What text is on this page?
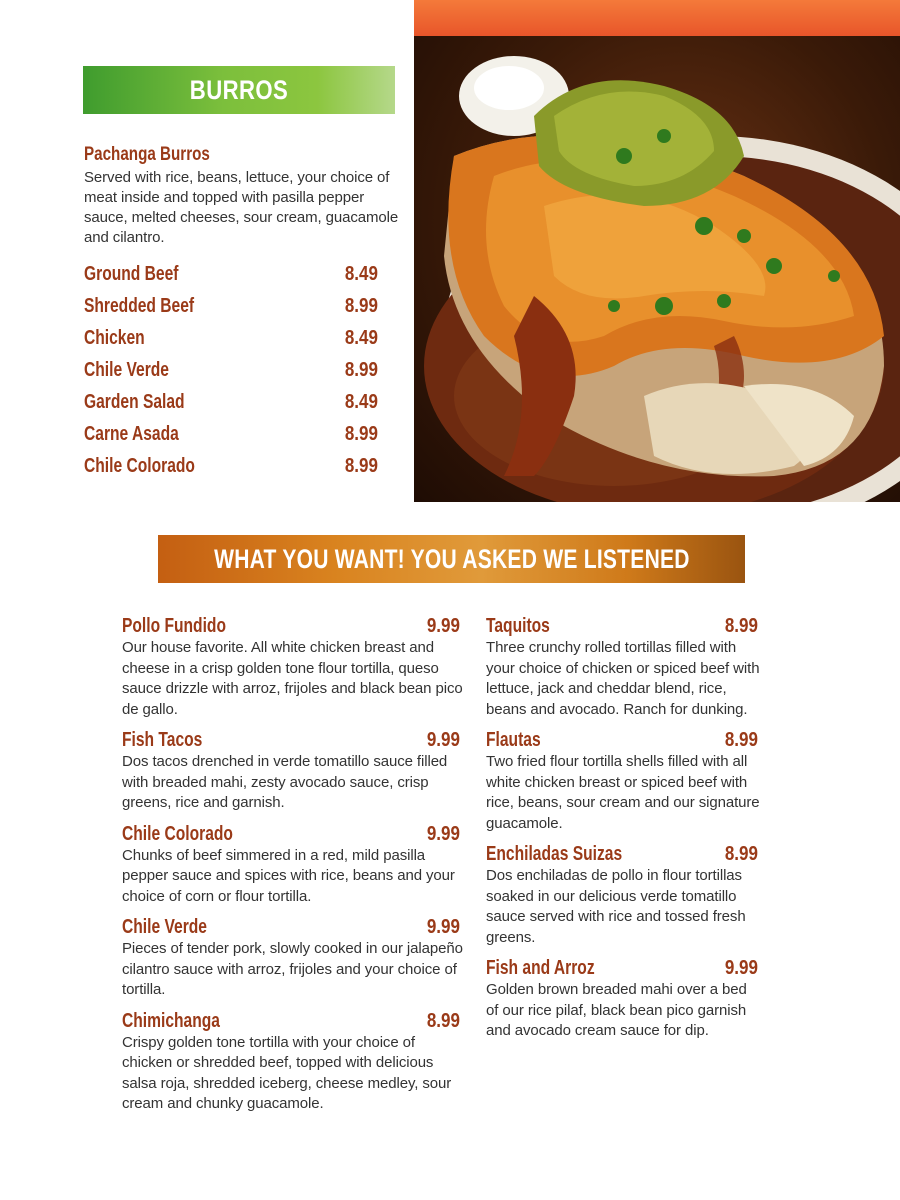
BURROS
Pachanga Burros
Served with rice, beans, lettuce, your choice of meat inside and topped with pasilla pepper sauce, melted cheeses, sour cream, guacamole and cilantro.
Ground Beef	8.49
Shredded Beef	8.99
Chicken	8.49
Chile Verde	8.99
Garden Salad	8.49
Carne Asada	8.99
Chile Colorado	8.99
WHAT YOU WANT! YOU ASKED WE LISTENED
Pollo Fundido	9.99
Our house favorite. All white chicken breast and cheese in a crisp golden tone flour tortilla, queso sauce drizzle with arroz, frijoles and black bean pico de gallo.
Fish Tacos	9.99
Dos tacos drenched in verde tomatillo sauce filled with breaded mahi, zesty avocado sauce, crisp greens, rice and garnish.
Chile Colorado	9.99
Chunks of beef simmered in a red, mild pasilla pepper sauce and spices with rice, beans and your choice of corn or flour tortilla.
Chile Verde	9.99
Pieces of tender pork, slowly cooked in our jalapeño cilantro sauce with arroz, frijoles and your choice of tortilla.
Chimichanga	8.99
Crispy golden tone tortilla with your choice of chicken or shredded beef, topped with delicious salsa roja, shredded iceberg, cheese medley, sour cream and chunky guacamole.
Taquitos	8.99
Three crunchy rolled tortillas filled with your choice of chicken or spiced beef with lettuce, jack and cheddar blend, rice, beans and avocado. Ranch for dunking.
Flautas	8.99
Two fried flour tortilla shells filled with all white chicken breast or spiced beef with rice, beans, sour cream and our signature guacamole.
Enchiladas Suizas	8.99
Dos enchiladas de pollo in flour tortillas soaked in our delicious verde tomatillo sauce served with rice and tossed fresh greens.
Fish and Arroz	9.99
Golden brown breaded mahi over a bed of our rice pilaf, black bean pico garnish and avocado cream sauce for dip.
